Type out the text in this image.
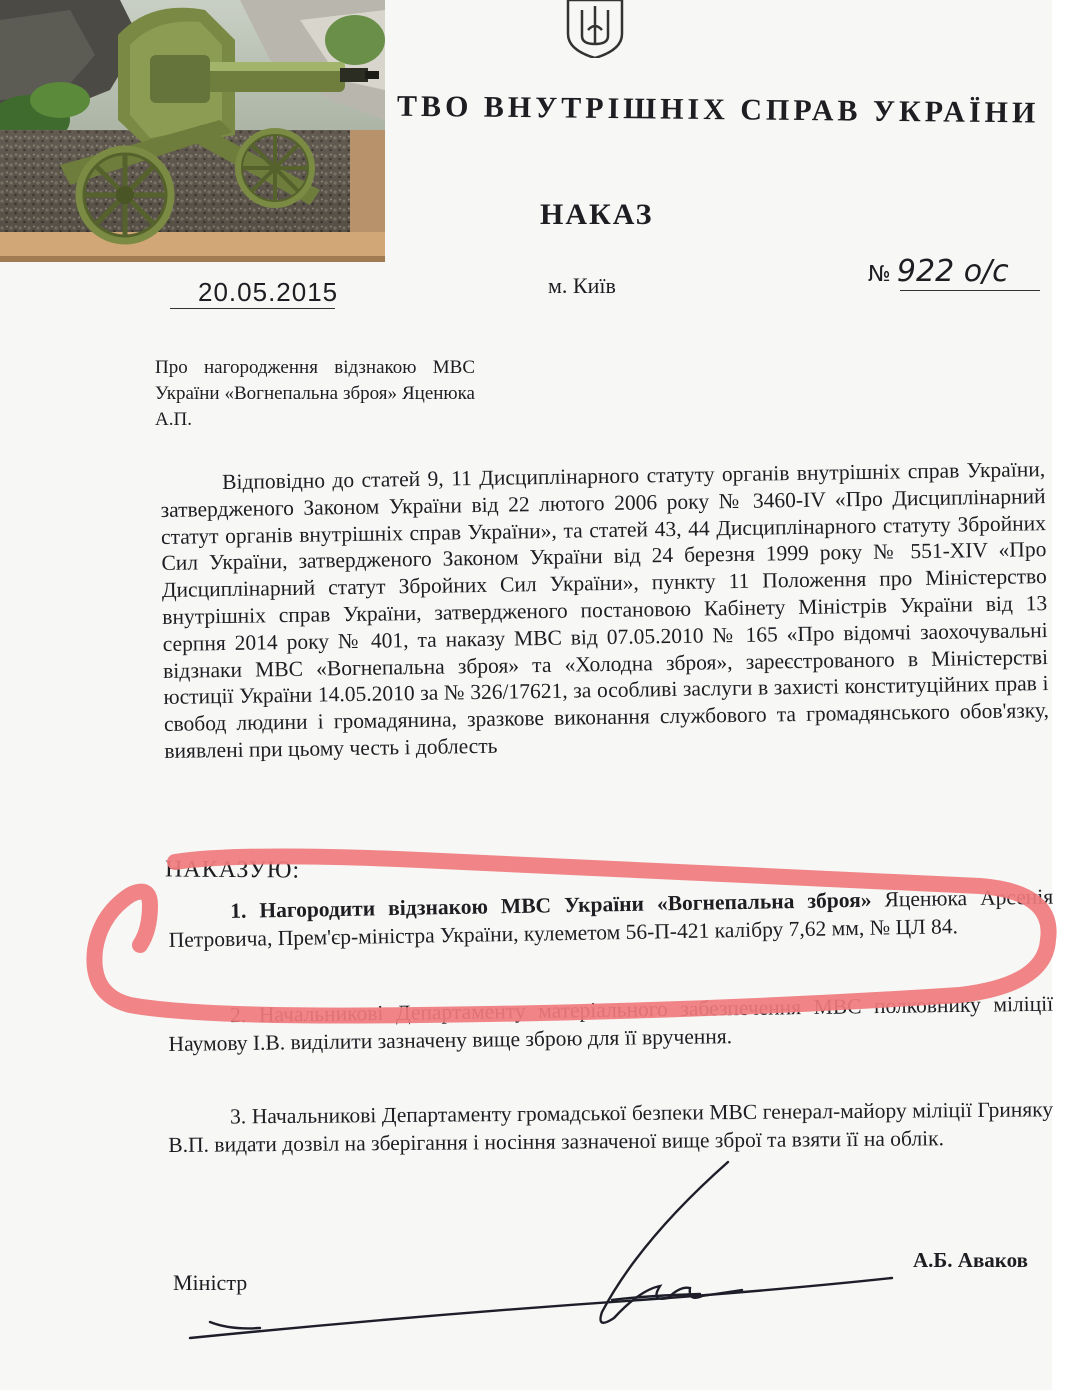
ТВО ВНУТРІШНІХ СПРАВ УКРАЇНИ
НАКАЗ
20.05.2015	м. Київ	№ 922 о/с
Про нагородження відзнакою МВС України «Вогнепальна зброя» Яценюка А.П.
Відповідно до статей 9, 11 Дисциплінарного статуту органів внутрішніх справ України, затвердженого Законом України від 22 лютого 2006 року № 3460-IV «Про Дисциплінарний статут органів внутрішніх справ України», та статей 43, 44 Дисциплінарного статуту Збройних Сил України, затвердженого Законом України від 24 березня 1999 року № 551-XIV «Про Дисциплінарний статут Збройних Сил України», пункту 11 Положення про Міністерство внутрішніх справ України, затвердженого постановою Кабінету Міністрів України від 13 серпня 2014 року № 401, та наказу МВС від 07.05.2010 № 165 «Про відомчі заохочувальні відзнаки МВС «Вогнепальна зброя» та «Холодна зброя», зареєстрованого в Міністерстві юстиції України 14.05.2010 за № 326/17621, за особливі заслуги в захисті конституційних прав і свобод людини і громадянина, зразкове виконання службового та громадянського обов'язку, виявлені при цьому честь і доблесть
НАКАЗУЮ:
1. Нагородити відзнакою МВС України «Вогнепальна зброя» Яценюка Арсенія Петровича, Прем'єр-міністра України, кулеметом 56-П-421 калібру 7,62 мм, № ЦЛ 84.
2. Начальникові Департаменту матеріального забезпечення МВС полковнику міліції Наумову І.В. виділити зазначену вище зброю для її вручення.
3. Начальникові Департаменту громадської безпеки МВС генерал-майору міліції Гриняку В.П. видати дозвіл на зберігання і носіння зазначеної вище зброї та взяти її на облік.
Міністр
А.Б. Аваков
